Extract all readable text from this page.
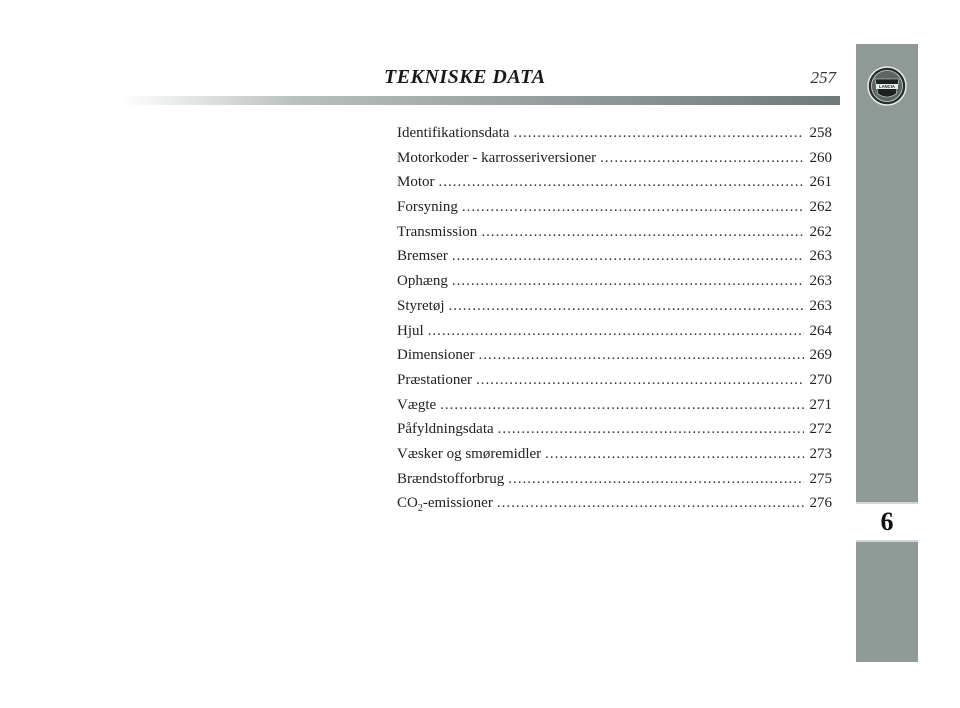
LANCIA
6
TEKNISKE DATA	257
Identifikationsdata .....	258
Motorkoder - karrosseriversioner .....	260
Motor .....	261
Forsyning .....	262
Transmission .....	262
Bremser .....	263
Ophæng .....	263
Styretøj .....	263
Hjul .....	264
Dimensioner .....	269
Præstationer .....	270
Vægte .....	271
Påfyldningsdata .....	272
Væsker og smøremidler .....	273
Brændstofforbrug .....	275
$CO_2$-emissioner .....	276
